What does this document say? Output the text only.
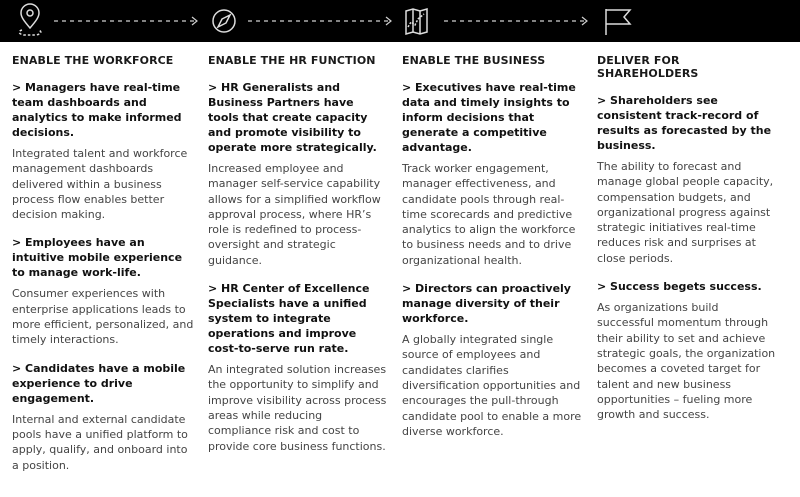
ENABLE THE WORKFORCE
> Managers have real-time team dashboards and analytics to make informed decisions.

Integrated talent and workforce management dashboards delivered within a business process flow enables better decision making.

> Employees have an intuitive mobile experience to manage work-life.

Consumer experiences with enterprise applications leads to more efficient, personalized, and timely interactions.

> Candidates have a mobile experience to drive engagement.

Internal and external candidate pools have a unified platform to apply, qualify, and onboard into a position.

ENABLE THE HR FUNCTION
> HR Generalists and Business Partners have tools that create capacity and promote visibility to operate more strategically.

Increased employee and manager self-service capability allows for a simplified workflow approval process, where HR’s role is redefined to process-oversight and strategic guidance.

> HR Center of Excellence Specialists have a unified system to integrate operations and improve cost-to-serve run rate.

An integrated solution increases the opportunity to simplify and improve visibility across process areas while reducing compliance risk and cost to provide core business functions.

ENABLE THE BUSINESS
> Executives have real-time data and timely insights to inform decisions that generate a competitive advantage.

Track worker engagement, manager effectiveness, and candidate pools through real-time scorecards and predictive analytics to align the workforce to business needs and to drive organizational health.

> Directors can proactively manage diversity of their workforce.

A globally integrated single source of employees and candidates clarifies diversification opportunities and encourages the pull-through candidate pool to enable a more diverse workforce.

DELIVER FOR SHAREHOLDERS
> Shareholders see consistent track-record of results as forecasted by the business.

The ability to forecast and manage global people capacity, compensation budgets, and organizational progress against strategic initiatives real-time reduces risk and surprises at close periods.

> Success begets success.

As organizations build successful momentum through their ability to set and achieve strategic goals, the organization becomes a coveted target for talent and new business opportunities – fueling more growth and success.
